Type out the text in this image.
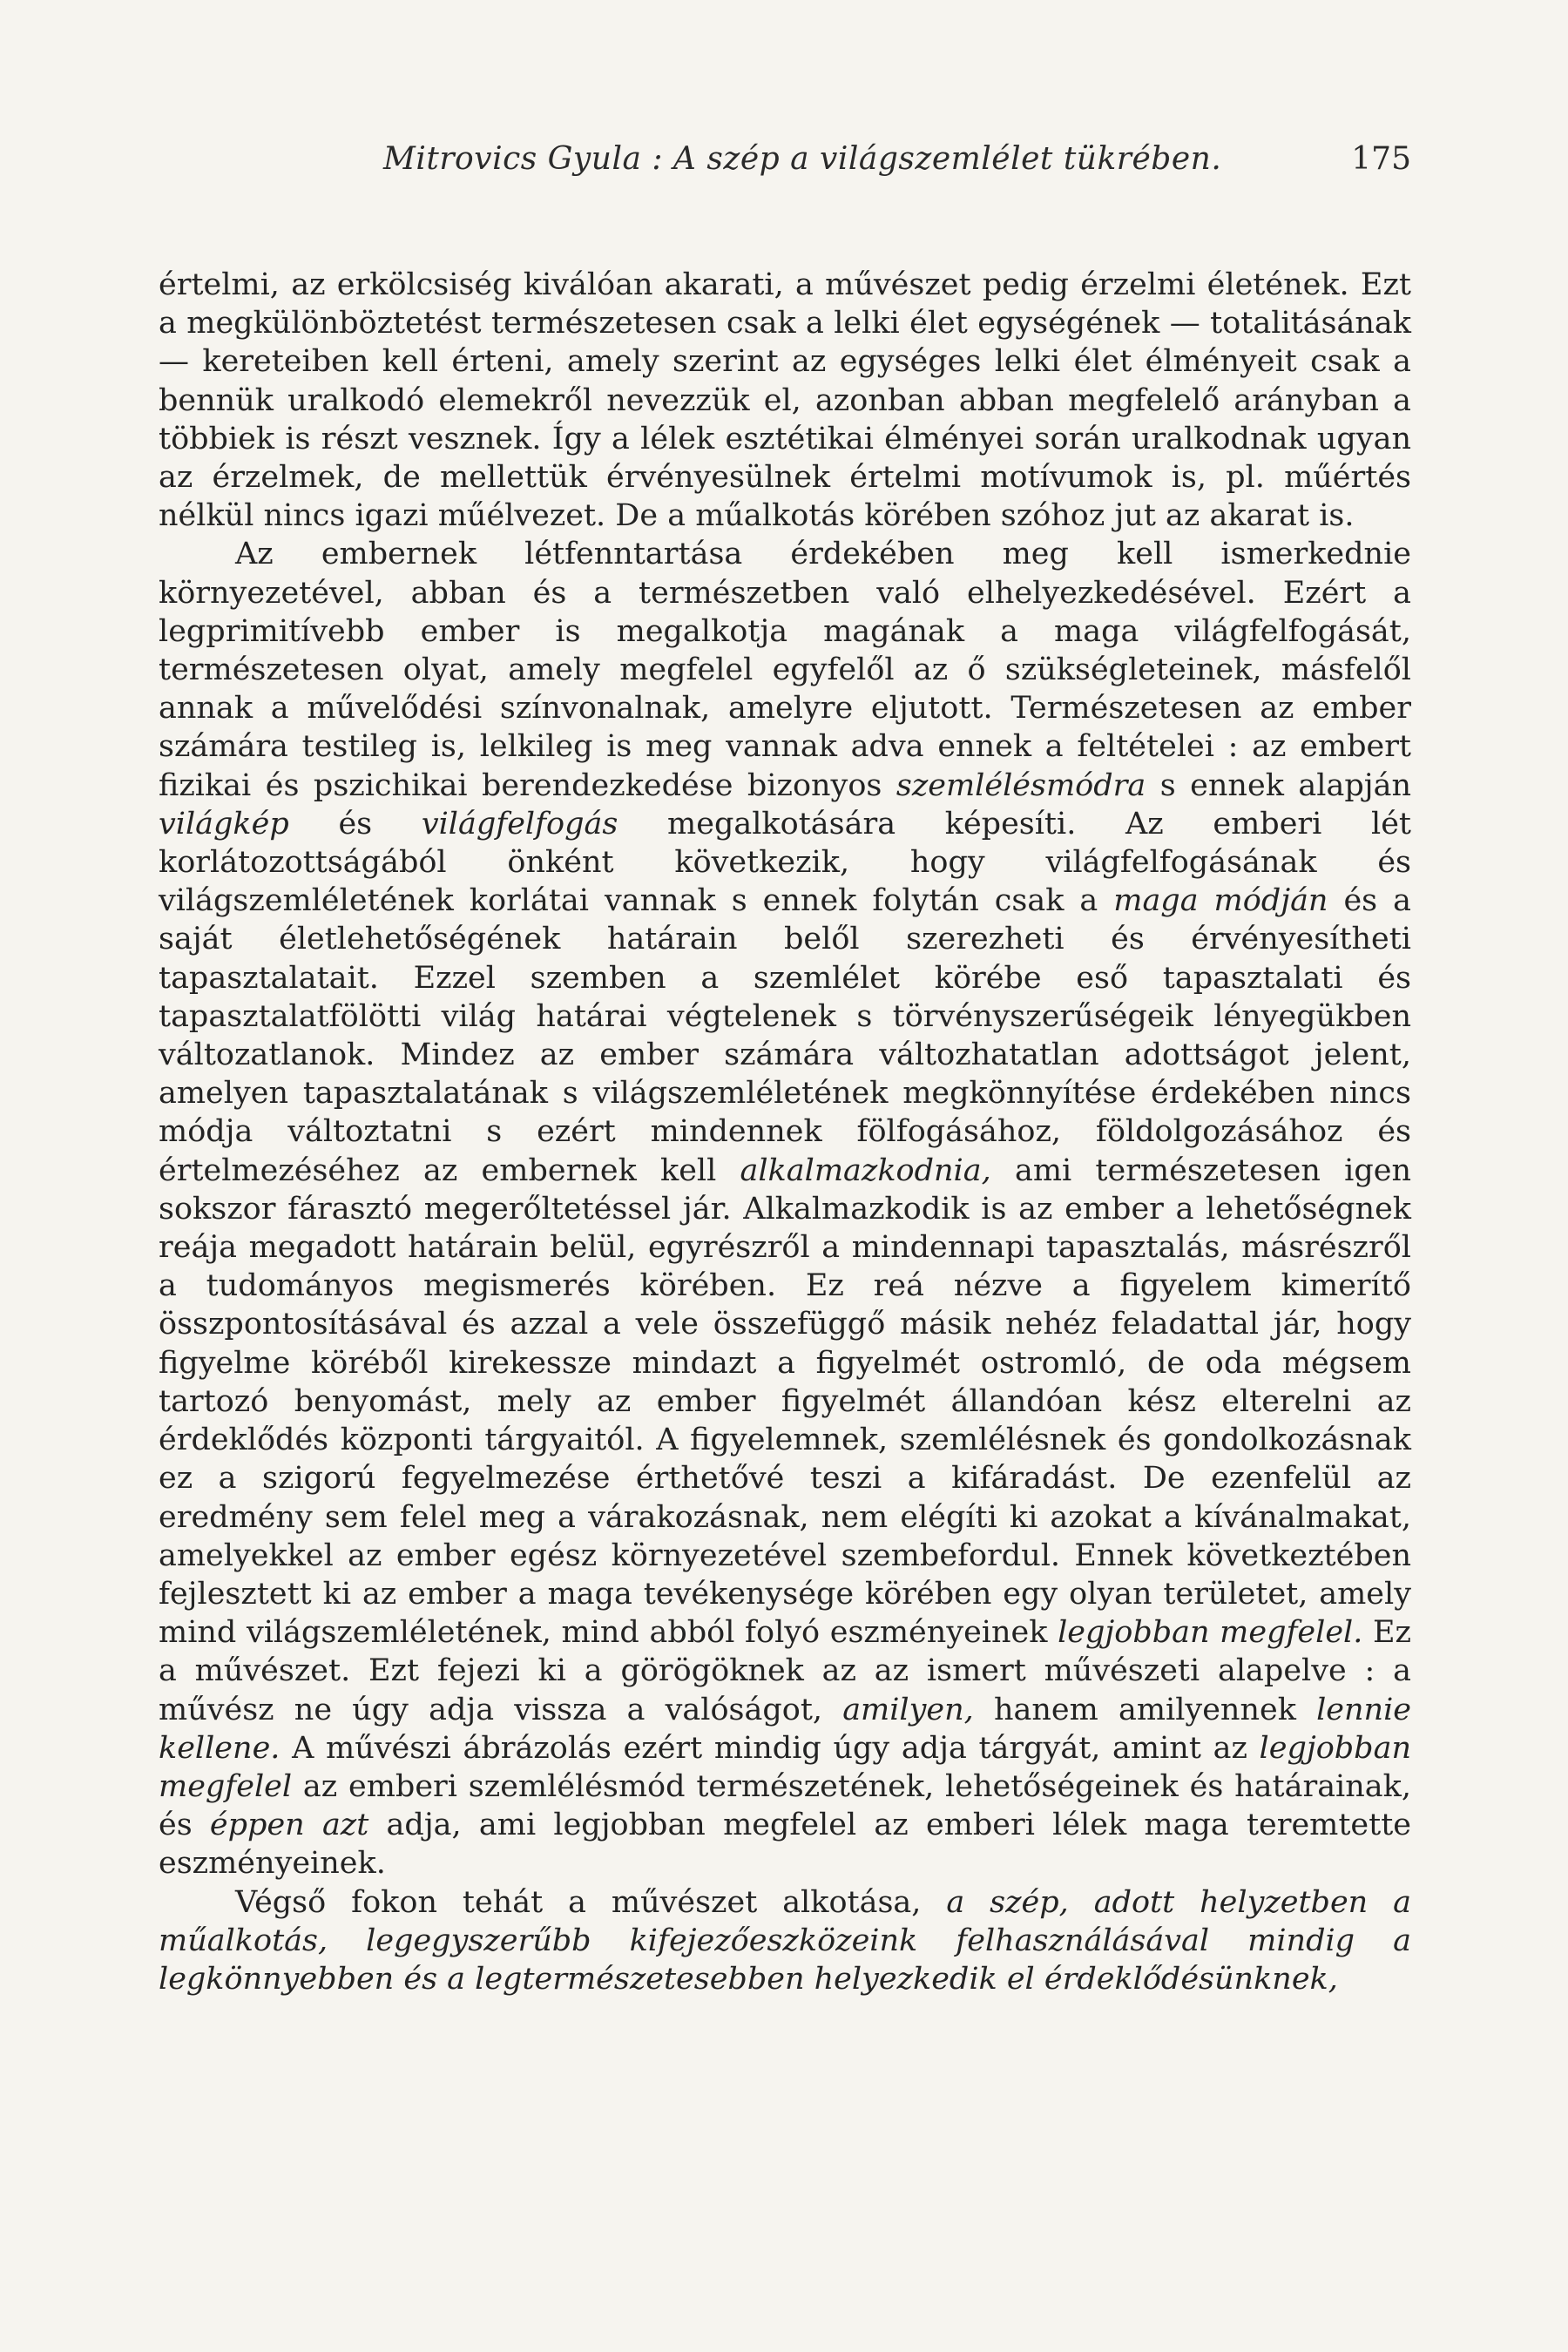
Mitrovics Gyula : A szép a világszemlélet tükrében.	175

értelmi, az erkölcsiség kiválóan akarati, a művészet pedig érzelmi életének. Ezt a megkülönböztetést természetesen csak a lelki élet egységének — totalitásának — kereteiben kell érteni, amely szerint az egységes lelki élet élményeit csak a bennük uralkodó elemekről nevezzük el, azonban abban megfelelő arányban a többiek is részt vesznek. Így a lélek esztétikai élményei során uralkodnak ugyan az érzelmek, de mellettük érvényesülnek értelmi motívumok is, pl. műértés nélkül nincs igazi műélvezet. De a műalkotás körében szóhoz jut az akarat is.

Az embernek létfenntartása érdekében meg kell ismerkednie környezetével, abban és a természetben való elhelyezkedésével. Ezért a legprimitívebb ember is megalkotja magának a maga világfelfogását, természetesen olyat, amely megfelel egyfelől az ő szükségleteinek, másfelől annak a művelődési színvonalnak, amelyre eljutott. Természetesen az ember számára testileg is, lelkileg is meg vannak adva ennek a feltételei : az embert fizikai és pszichikai berendezkedése bizonyos szemlélésmódra s ennek alapján világkép és világfelfogás megalkotására képesíti. Az emberi lét korlátozottságából önként következik, hogy világfelfogásának és világszemléletének korlátai vannak s ennek folytán csak a maga módján és a saját életlehetőségének határain belől szerezheti és érvényesítheti tapasztalatait. Ezzel szemben a szemlélet körébe eső tapasztalati és tapasztalatfölötti világ határai végtelenek s törvényszerűségeik lényegükben változatlanok. Mindez az ember számára változhatatlan adottságot jelent, amelyen tapasztalatának s világszemléletének megkönnyítése érdekében nincs módja változtatni s ezért mindennek fölfogásához, földolgozásához és értelmezéséhez az embernek kell alkalmazkodnia, ami természetesen igen sokszor fárasztó megerőltetéssel jár. Alkalmazkodik is az ember a lehetőségnek reája megadott határain belül, egyrészről a mindennapi tapasztalás, másrészről a tudományos megismerés körében. Ez reá nézve a figyelem kimerítő összpontosításával és azzal a vele összefüggő másik nehéz feladattal jár, hogy figyelme köréből kirekessze mindazt a figyelmét ostromló, de oda mégsem tartozó benyomást, mely az ember figyelmét állandóan kész elterelni az érdeklődés központi tárgyaitól. A figyelemnek, szemlélésnek és gondolkozásnak ez a szigorú fegyelmezése érthetővé teszi a kifáradást. De ezenfelül az eredmény sem felel meg a várakozásnak, nem elégíti ki azokat a kívánalmakat, amelyekkel az ember egész környezetével szembefordul. Ennek következtében fejlesztett ki az ember a maga tevékenysége körében egy olyan területet, amely mind világszemléletének, mind abból folyó eszményeinek legjobban megfelel. Ez a művészet. Ezt fejezi ki a görögöknek az az ismert művészeti alapelve : a művész ne úgy adja vissza a valóságot, amilyen, hanem amilyennek lennie kellene. A művészi ábrázolás ezért mindig úgy adja tárgyát, amint az legjobban megfelel az emberi szemlélésmód természetének, lehetőségeinek és határainak, és éppen azt adja, ami legjobban megfelel az emberi lélek maga teremtette eszményeinek.

Végső fokon tehát a művészet alkotása, a szép, adott helyzetben a műalkotás, legegyszerűbb kifejezőeszközeink felhasználásával mindig a legkönnyebben és a legtermészetesebben helyezkedik el érdeklődésünknek,
